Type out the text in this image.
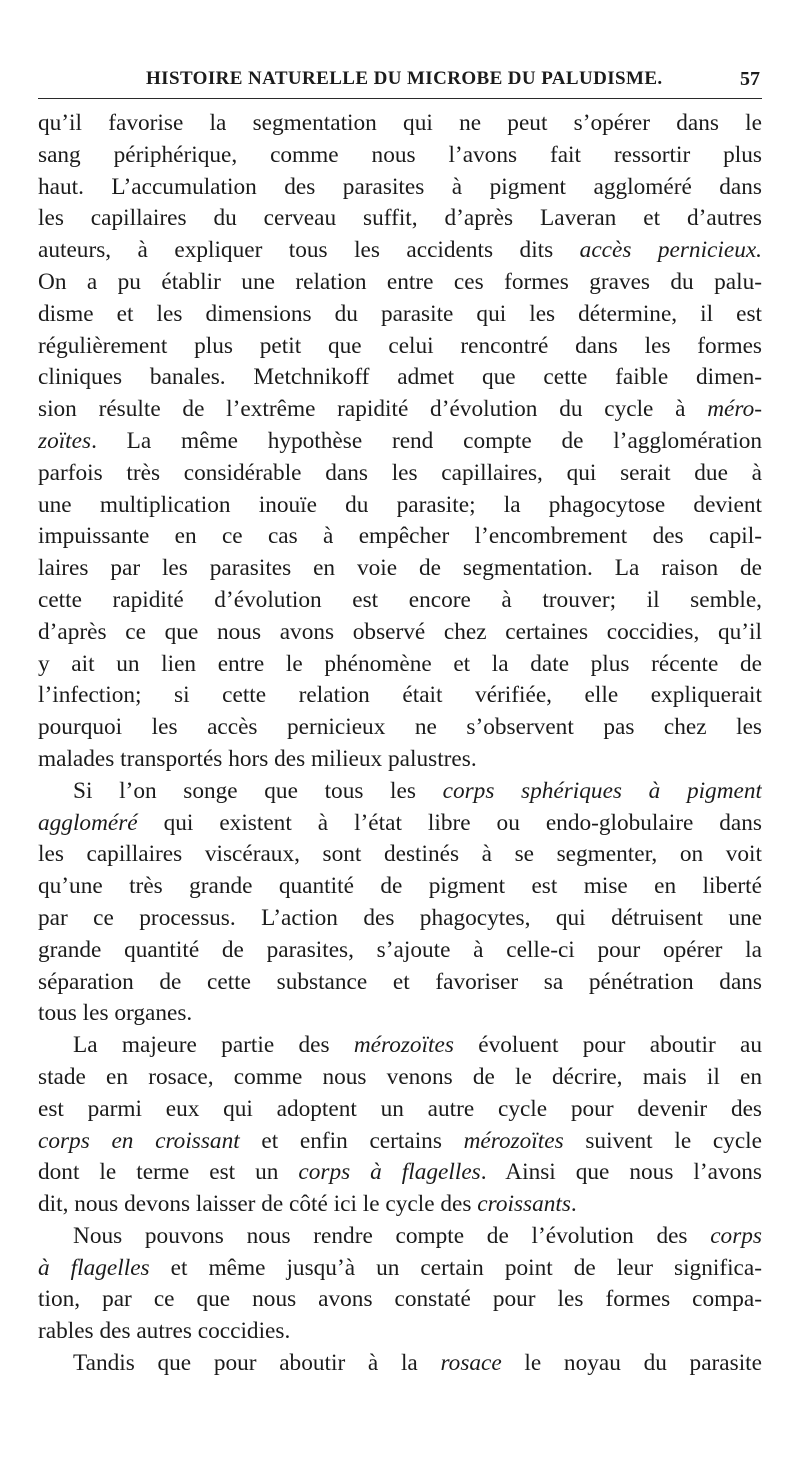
HISTOIRE NATURELLE DU MICROBE DU PALUDISME.	57
qu’il favorise la segmentation qui ne peut s’opérer dans le
sang périphérique, comme nous l’avons fait ressortir plus
haut. L’accumulation des parasites à pigment aggloméré dans
les capillaires du cerveau suffit, d’après Laveran et d’autres
auteurs, à expliquer tous les accidents dits accès pernicieux.
On a pu établir une relation entre ces formes graves du palu-
disme et les dimensions du parasite qui les détermine, il est
régulièrement plus petit que celui rencontré dans les formes
cliniques banales. Metchnikoff admet que cette faible dimen-
sion résulte de l’extrême rapidité d’évolution du cycle à méro-
zoïtes. La même hypothèse rend compte de l’agglomération
parfois très considérable dans les capillaires, qui serait due à
une multiplication inouïe du parasite; la phagocytose devient
impuissante en ce cas à empêcher l’encombrement des capil-
laires par les parasites en voie de segmentation. La raison de
cette rapidité d’évolution est encore à trouver; il semble,
d’après ce que nous avons observé chez certaines coccidies, qu’il
y ait un lien entre le phénomène et la date plus récente de
l’infection; si cette relation était vérifiée, elle expliquerait
pourquoi les accès pernicieux ne s’observent pas chez les
malades transportés hors des milieux palustres.
Si l’on songe que tous les corps sphériques à pigment
aggloméré qui existent à l’état libre ou endo-globulaire dans
les capillaires viscéraux, sont destinés à se segmenter, on voit
qu’une très grande quantité de pigment est mise en liberté
par ce processus. L’action des phagocytes, qui détruisent une
grande quantité de parasites, s’ajoute à celle-ci pour opérer la
séparation de cette substance et favoriser sa pénétration dans
tous les organes.
La majeure partie des mérozoïtes évoluent pour aboutir au
stade en rosace, comme nous venons de le décrire, mais il en
est parmi eux qui adoptent un autre cycle pour devenir des
corps en croissant et enfin certains mérozoïtes suivent le cycle
dont le terme est un corps à flagelles. Ainsi que nous l’avons
dit, nous devons laisser de côté ici le cycle des croissants.
Nous pouvons nous rendre compte de l’évolution des corps
à flagelles et même jusqu’à un certain point de leur significa-
tion, par ce que nous avons constaté pour les formes compa-
rables des autres coccidies.
Tandis que pour aboutir à la rosace le noyau du parasite
